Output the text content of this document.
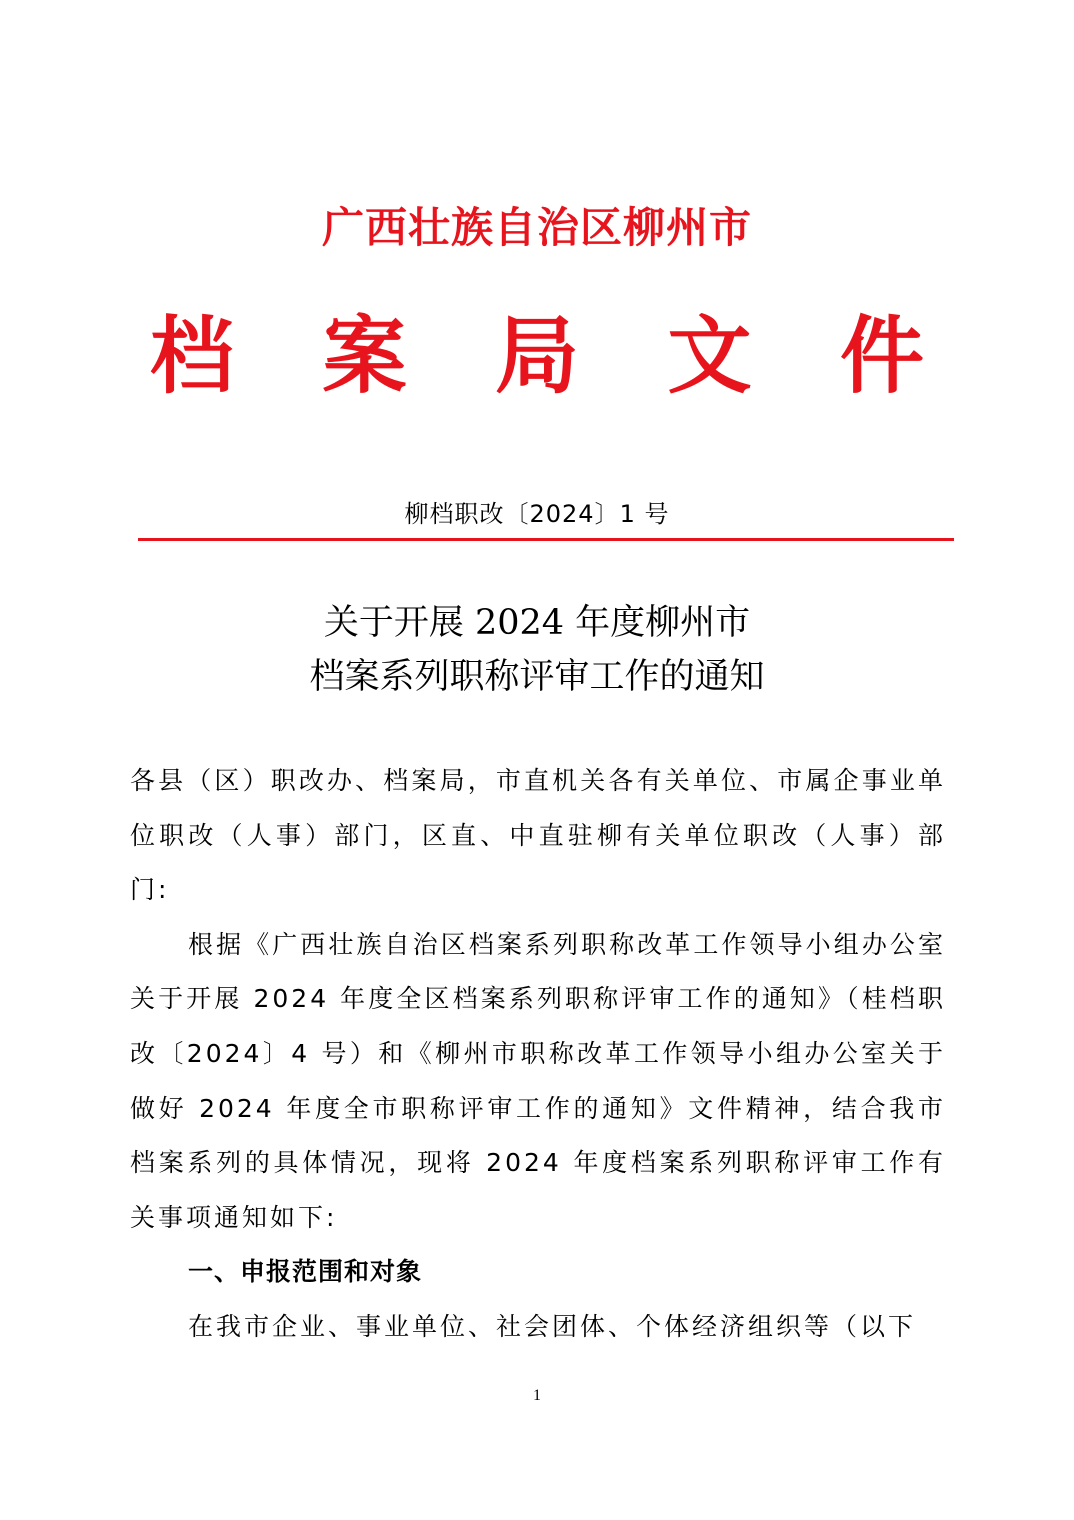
广西壮族自治区柳州市
档 案 局 文 件
柳档职改〔2024〕1 号
关于开展 2024 年度柳州市
档案系列职称评审工作的通知

各县（区）职改办、档案局，市直机关各有关单位、市属企事业单位职改（人事）部门，区直、中直驻柳有关单位职改（人事）部门:

根据《广西壮族自治区档案系列职称改革工作领导小组办公室关于开展 2024 年度全区档案系列职称评审工作的通知》（桂档职改〔2024〕4 号）和《柳州市职称改革工作领导小组办公室关于做好 2024 年度全市职称评审工作的通知》文件精神，结合我市档案系列的具体情况，现将 2024 年度档案系列职称评审工作有关事项通知如下:

一、申报范围和对象

在我市企业、事业单位、社会团体、个体经济组织等（以下

1
